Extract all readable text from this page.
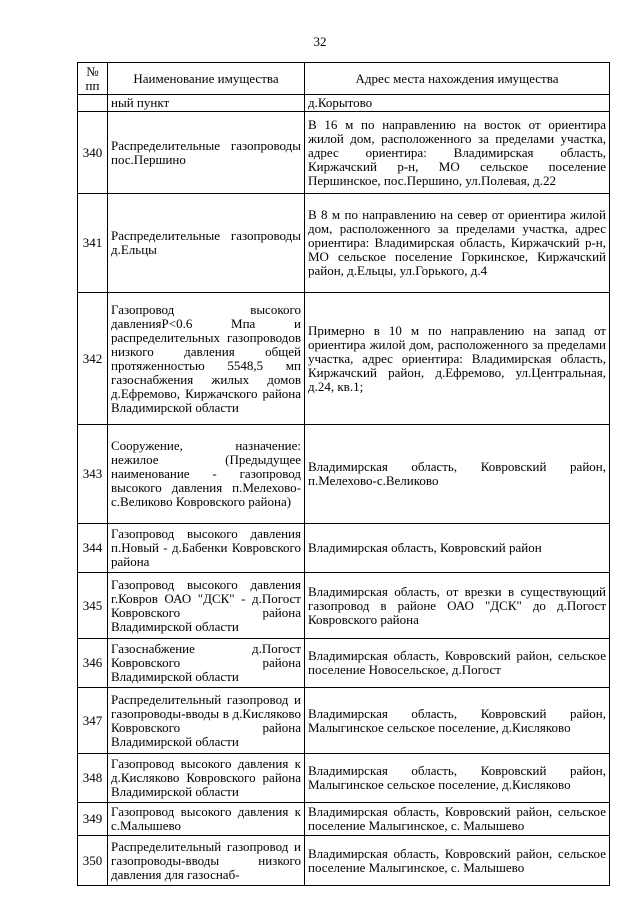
32
№
пп	Наименование имущества	Адрес места нахождения имущества
	ный пункт	д.Корытово
340	Распределительные газопроводы пос.Першино	В 16 м по направлению на восток от ориентира жилой дом, расположенного за пределами участка, адрес ориентира: Владимирская область, Киржачский р-н, МО сельское поселение Першинское, пос.Першино, ул.Полевая, д.22
341	Распределительные газопроводы д.Ельцы	В 8 м по направлению на север от ориентира жилой дом, расположенного за пределами участка, адрес ориентира: Владимирская область, Киржачский р-н, МО сельское поселение Горкинское, Киржачский район, д.Ельцы, ул.Горького, д.4
342	Газопровод высокого давленияР<0.6 Мпа и распределительных газопроводов низкого давления общей протяженностью 5548,5 мп газоснабжения жилых домов д.Ефремово, Киржачского района Владимирской области	Примерно в 10 м по направлению на запад от ориентира жилой дом, расположенного за пределами участка, адрес ориентира: Владимирская область, Киржачский район, д.Ефремово, ул.Центральная, д.24, кв.1;
343	Сооружение, назначение: нежилое (Предыдущее наименование - газопровод высокого давления п.Мелехово-с.Великово Ковровского района)	Владимирская область, Ковровский район, п.Мелехово-с.Великово
344	Газопровод высокого давления п.Новый - д.Бабенки Ковровского района	Владимирская область, Ковровский район
345	Газопровод высокого давления г.Ковров ОАО "ДСК" - д.Погост Ковровского района Владимирской области	Владимирская область, от врезки в существующий газопровод в районе ОАО "ДСК" до д.Погост Ковровского района
346	Газоснабжение д.Погост Ковровского района Владимирской области	Владимирская область, Ковровский район, сельское поселение Новосельское, д.Погост
347	Распределительный газопровод и газопроводы-вводы в д.Кисляково Ковровского района Владимирской области	Владимирская область, Ковровский район, Малыгинское сельское поселение, д.Кисляково
348	Газопровод высокого давления к д.Кисляково Ковровского района Владимирской области	Владимирская область, Ковровский район, Малыгинское сельское поселение, д.Кисляково
349	Газопровод высокого давления к с.Малышево	Владимирская область, Ковровский район, сельское поселение Малыгинское, с. Малышево
350	Распределительный газопровод и газопроводы-вводы низкого давления для газоснаб-	Владимирская область, Ковровский район, сельское поселение Малыгинское, с. Малышево
